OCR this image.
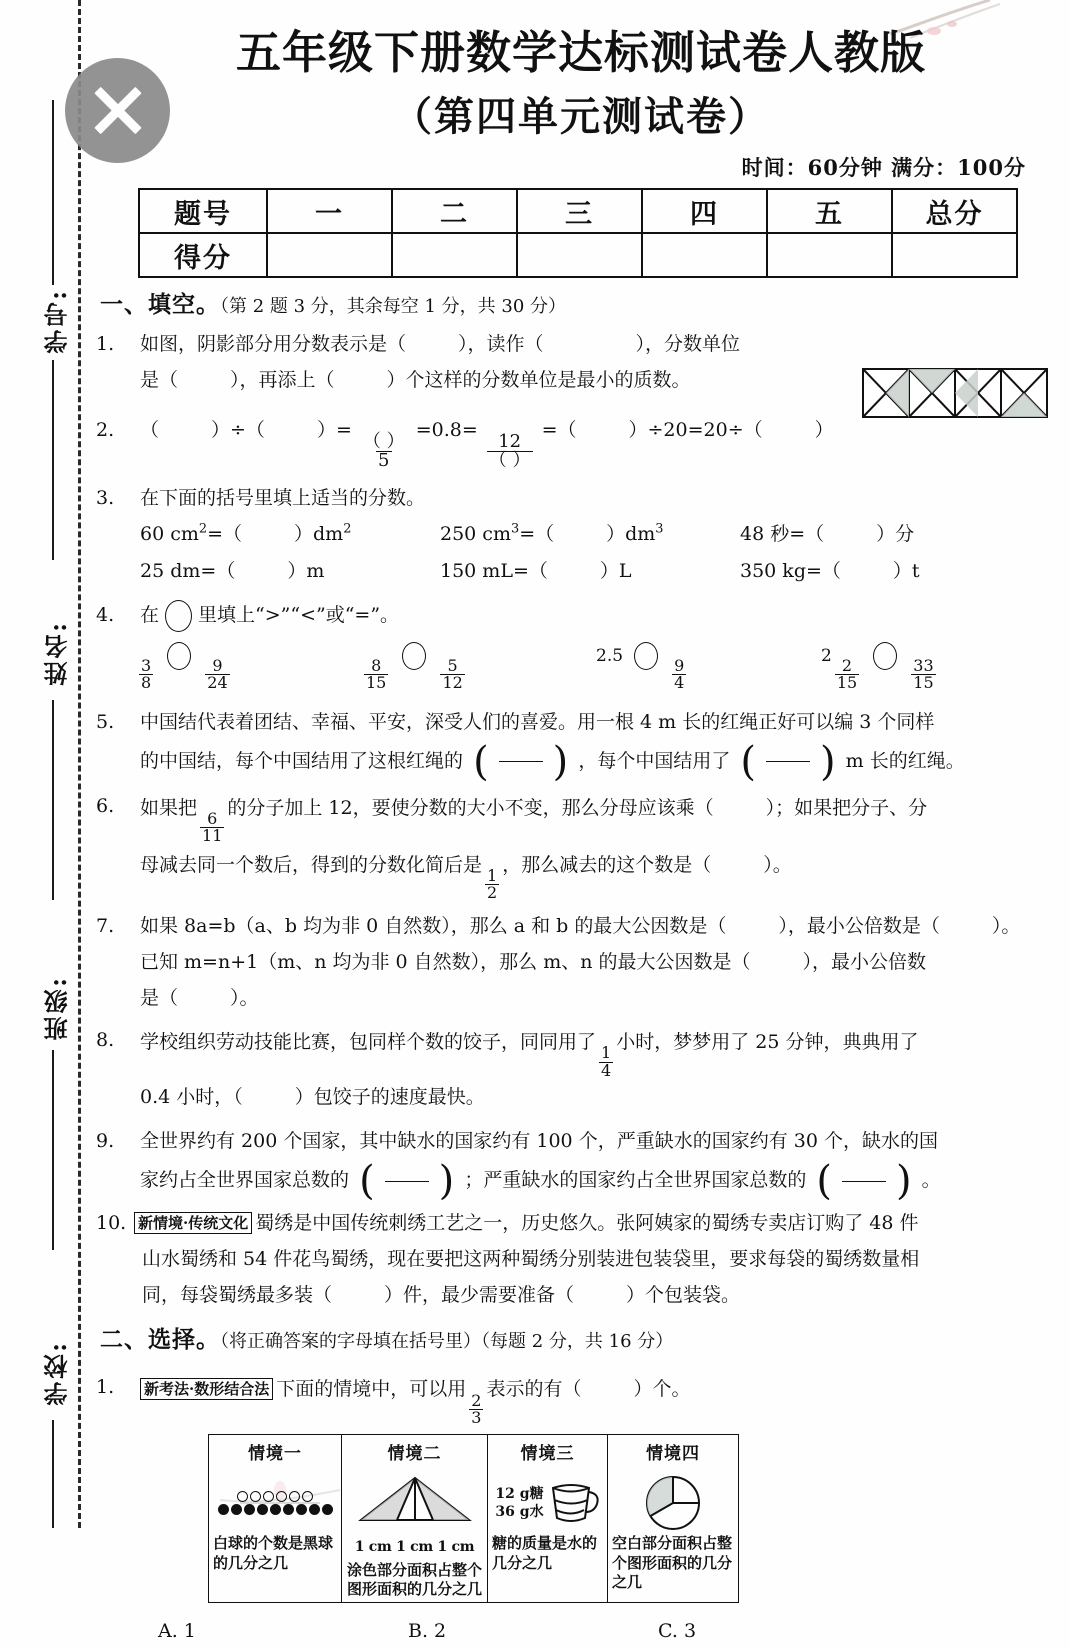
学号:
姓名:
班级:
学校:
五年级下册数学达标测试卷人教版
（第四单元测试卷）
时间：60分钟 满分：100分
题号	一	二	三	四	五	总分
得分						
一、填空。（第 2 题 3 分，其余每空 1 分，共 30 分）
1. 如图，阴影部分用分数表示是（	），读作（	），分数单位
是（	），再添上（	）个这样的分数单位是最小的质数。
2. （	）÷（	）=
$\frac{( )}{5}$
=0.8=
$\frac{12}{( )}$
=（	）÷20=20÷（	）
3. 在下面的括号里填上适当的分数。
60 $cm^2=$（	）$dm^2$	250 $cm^3=$（	）$dm^3$	48 秒=（	）分
25 dm=（	）m	150 mL=（	）L	350 kg=（	）t
4. 在 里填上“>”“<”或“=”。
$\frac{3}{8}$
	$\frac{9}{24}$	$\frac{8}{15}$
	$\frac{5}{12}$
2.5
$\frac{9}{4}$
2
$\frac{2}{15}$
	$\frac{33}{15}$
5. 中国结代表着团结、幸福、平安，深受人们的喜爱。用一根 4 m 长的红绳正好可以编 3 个同样
的中国结，每个中国结用了这根红绳的 ( ) ，每个中国结用了 ( ) m 长的红绳。
6. 如果把
$\frac{6}{11}$
的分子加上 12，要使分数的大小不变，那么分母应该乘（	）；如果把分子、分
母减去同一个数后，得到的分数化简后是
$\frac{1}{2}$
，那么减去的这个数是（	）。
7. 如果 8a=b（a、b 均为非 0 自然数），那么 a 和 b 的最大公因数是（	），最小公倍数是（	）。
已知 m=n+1（m、n 均为非 0 自然数），那么 m、n 的最大公因数是（	），最小公倍数
是（	）。
8. 学校组织劳动技能比赛，包同样个数的饺子，同同用了
$\frac{1}{4}$
小时，梦梦用了 25 分钟，典典用了
0.4 小时，（	）包饺子的速度最快。
9. 全世界约有 200 个国家，其中缺水的国家约有 100 个，严重缺水的国家约有 30 个，缺水的国
家约占全世界国家总数的 ( ) ；严重缺水的国家约占全世界国家总数的 ( ) 。
10. 新情境·传统文化 蜀绣是中国传统刺绣工艺之一，历史悠久。张阿姨家的蜀绣专卖店订购了 48 件
山水蜀绣和 54 件花鸟蜀绣，现在要把这两种蜀绣分别装进包装袋里，要求每袋的蜀绣数量相
同，每袋蜀绣最多装（	）件，最少需要准备（	）个包装袋。
二、选择。（将正确答案的字母填在括号里）（每题 2 分，共 16 分）
1. 新考法·数形结合法 下面的情境中，可以用
$\frac{2}{3}$
表示的有（	）个。
情境一
白球的个数是黑球的几分之几

情境二
1 cm 1 cm 1 cm
涂色部分面积占整个图形面积的几分之几

情境三
12 g糖
36 g水
糖的质量是水的几分之几

情境四
空白部分面积占整个图形面积的几分之几
A. 1	B. 2	C. 3
